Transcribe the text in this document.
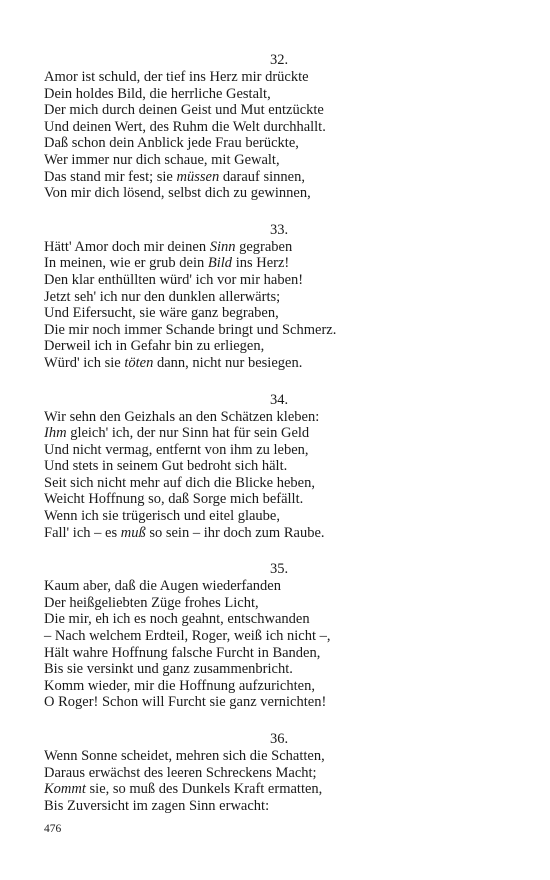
32.
Amor ist schuld, der tief ins Herz mir drückte
Dein holdes Bild, die herrliche Gestalt,
Der mich durch deinen Geist und Mut entzückte
Und deinen Wert, des Ruhm die Welt durchhallt.
Daß schon dein Anblick jede Frau berückte,
Wer immer nur dich schaue, mit Gewalt,
Das stand mir fest; sie müssen darauf sinnen,
Von mir dich lösend, selbst dich zu gewinnen,
33.
Hätt' Amor doch mir deinen Sinn gegraben
In meinen, wie er grub dein Bild ins Herz!
Den klar enthüllten würd' ich vor mir haben!
Jetzt seh' ich nur den dunklen allerwärts;
Und Eifersucht, sie wäre ganz begraben,
Die mir noch immer Schande bringt und Schmerz.
Derweil ich in Gefahr bin zu erliegen,
Würd' ich sie töten dann, nicht nur besiegen.
34.
Wir sehn den Geizhals an den Schätzen kleben:
Ihm gleich' ich, der nur Sinn hat für sein Geld
Und nicht vermag, entfernt von ihm zu leben,
Und stets in seinem Gut bedroht sich hält.
Seit sich nicht mehr auf dich die Blicke heben,
Weicht Hoffnung so, daß Sorge mich befällt.
Wenn ich sie trügerisch und eitel glaube,
Fall' ich – es muß so sein – ihr doch zum Raube.
35.
Kaum aber, daß die Augen wiederfanden
Der heißgeliebten Züge frohes Licht,
Die mir, eh ich es noch geahnt, entschwanden
– Nach welchem Erdteil, Roger, weiß ich nicht –,
Hält wahre Hoffnung falsche Furcht in Banden,
Bis sie versinkt und ganz zusammenbricht.
Komm wieder, mir die Hoffnung aufzurichten,
O Roger! Schon will Furcht sie ganz vernichten!
36.
Wenn Sonne scheidet, mehren sich die Schatten,
Daraus erwächst des leeren Schreckens Macht;
Kommt sie, so muß des Dunkels Kraft ermatten,
Bis Zuversicht im zagen Sinn erwacht:
476
